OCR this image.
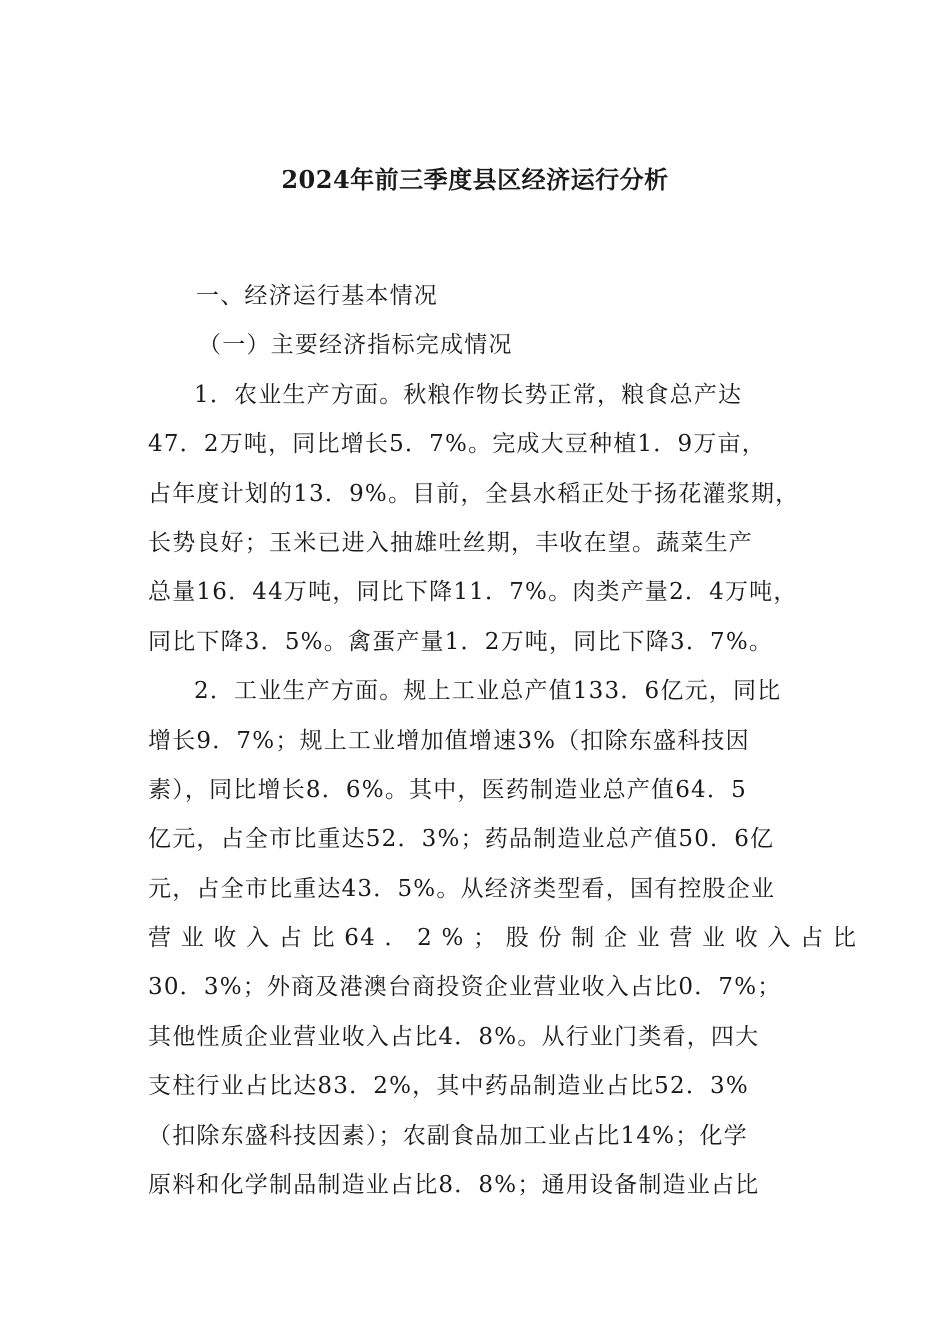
2024年前三季度县区经济运行分析
一、经济运行基本情况
（一）主要经济指标完成情况
1．农业生产方面。秋粮作物长势正常，粮食总产达
47．2万吨，同比增长5．7%。完成大豆种植1．9万亩，
占年度计划的13．9%。目前，全县水稻正处于扬花灌浆期，
长势良好；玉米已进入抽雄吐丝期，丰收在望。蔬菜生产
总量16．44万吨，同比下降11．7%。肉类产量2．4万吨，
同比下降3．5%。禽蛋产量1．2万吨，同比下降3．7%。
2．工业生产方面。规上工业总产值133．6亿元，同比
增长9．7%；规上工业增加值增速3%（扣除东盛科技因
素），同比增长8．6%。其中，医药制造业总产值64．5
亿元，占全市比重达52．3%；药品制造业总产值50．6亿
元，占全市比重达43．5%。从经济类型看，国有控股企业
营 业 收 入 占 比 64 ． 2 % ； 股 份 制 企 业 营 业 收 入 占 比
30．3%；外商及港澳台商投资企业营业收入占比0．7%；
其他性质企业营业收入占比4．8%。从行业门类看，四大
支柱行业占比达83．2%，其中药品制造业占比52．3%
（扣除东盛科技因素）；农副食品加工业占比14%；化学
原料和化学制品制造业占比8．8%；通用设备制造业占比
